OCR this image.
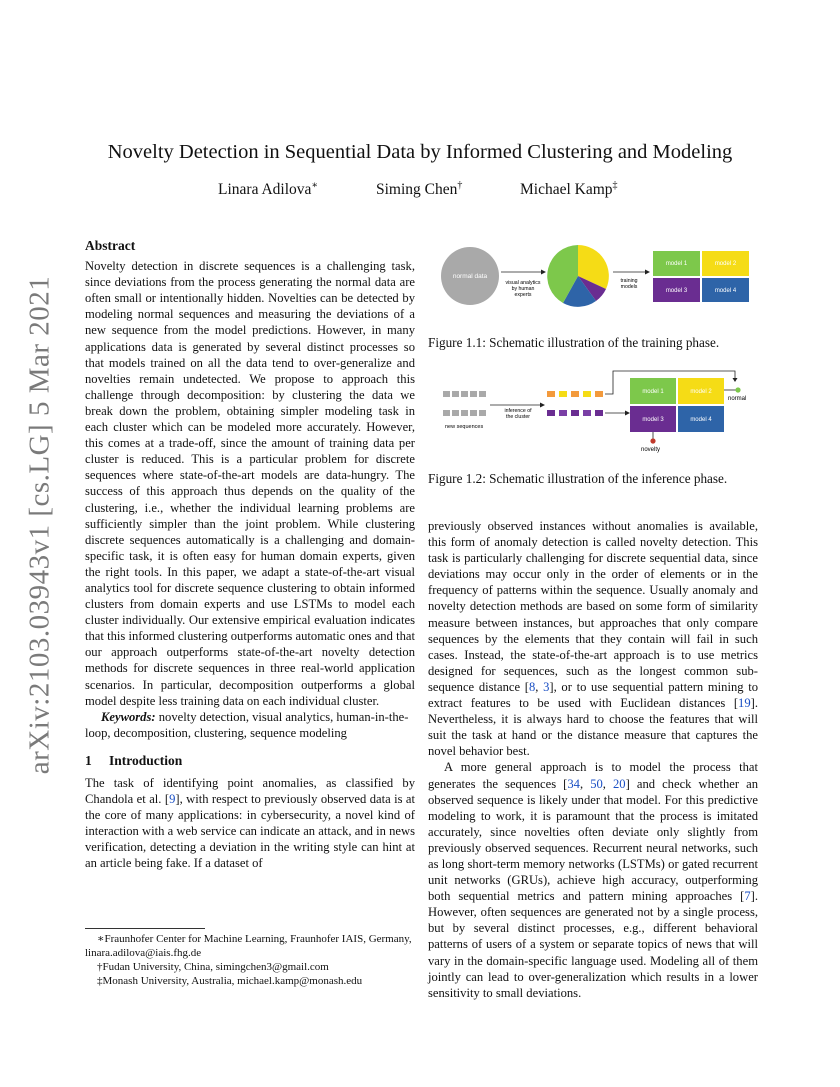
arXiv:2103.03943v1 [cs.LG] 5 Mar 2021
Novelty Detection in Sequential Data by Informed Clustering and Modeling
Linara Adilova∗	Siming Chen†	Michael Kamp‡
Abstract

Novelty detection in discrete sequences is a challenging task, since deviations from the process generating the normal data are often small or intentionally hidden. Novelties can be detected by modeling normal sequences and measuring the deviations of a new sequence from the model predictions. However, in many applications data is generated by several distinct processes so that models trained on all the data tend to over-generalize and novelties remain undetected. We propose to approach this challenge through decomposition: by clustering the data we break down the problem, obtaining simpler modeling task in each cluster which can be modeled more accurately. However, this comes at a trade-off, since the amount of training data per cluster is reduced. This is a particular problem for discrete sequences where state-of-the-art models are data-hungry. The success of this approach thus depends on the quality of the clustering, i.e., whether the individual learning problems are sufficiently simpler than the joint problem. While clustering discrete sequences automatically is a challenging and domain-specific task, it is often easy for human domain experts, given the right tools. In this paper, we adapt a state-of-the-art visual analytics tool for discrete sequence clustering to obtain informed clusters from domain experts and use LSTMs to model each cluster individually. Our extensive empirical evaluation indicates that this informed clustering outperforms automatic ones and that our approach outperforms state-of-the-art novelty detection methods for discrete sequences in three real-world application scenarios. In particular, decomposition outperforms a global model despite less training data on each individual cluster.

Keywords: novelty detection, visual analytics, human-in-the-loop, decomposition, clustering, sequence modeling

1 Introduction

The task of identifying point anomalies, as classified by Chandola et al. [9], with respect to previously observed data is at the core of many applications: in cybersecurity, a novel kind of interaction with a web service can indicate an attack, and in news verification, detecting a deviation in the writing style can hint at an article being fake. If a dataset of

∗Fraunhofer Center for Machine Learning, Fraunhofer IAIS, Germany, linara.adilova@iais.fhg.de

†Fudan University, China, simingchen3@gmail.com

‡Monash University, Australia, michael.kamp@monash.edu

normal data
visual analytics
by human
experts
training
models
model 1	model 2
model 3	model 4
Figure 1.1: Schematic illustration of the training phase.
new sequences
inference of
the cluster
model 1	model 2
model 3	model 4
normal
novelty
Figure 1.2: Schematic illustration of the inference phase.

previously observed instances without anomalies is available, this form of anomaly detection is called novelty detection. This task is particularly challenging for discrete sequential data, since deviations may occur only in the order of elements or in the frequency of patterns within the sequence. Usually anomaly and novelty detection methods are based on some form of similarity measure between instances, but approaches that only compare sequences by the elements that they contain will fail in such cases. Instead, the state-of-the-art approach is to use metrics designed for sequences, such as the longest common sub-sequence distance [8, 3], or to use sequential pattern mining to extract features to be used with Euclidean distances [19]. Nevertheless, it is always hard to choose the features that will suit the task at hand or the distance measure that captures the novel behavior best.

A more general approach is to model the process that generates the sequences [34, 50, 20] and check whether an observed sequence is likely under that model. For this predictive modeling to work, it is paramount that the process is imitated accurately, since novelties often deviate only slightly from previously observed sequences. Recurrent neural networks, such as long short-term memory networks (LSTMs) or gated recurrent unit networks (GRUs), achieve high accuracy, outperforming both sequential metrics and pattern mining approaches [7]. However, often sequences are generated not by a single process, but by several distinct processes, e.g., different behavioral patterns of users of a system or separate topics of news that will vary in the domain-specific language used. Modeling all of them jointly can lead to over-generalization which results in a lower sensitivity to small deviations.
